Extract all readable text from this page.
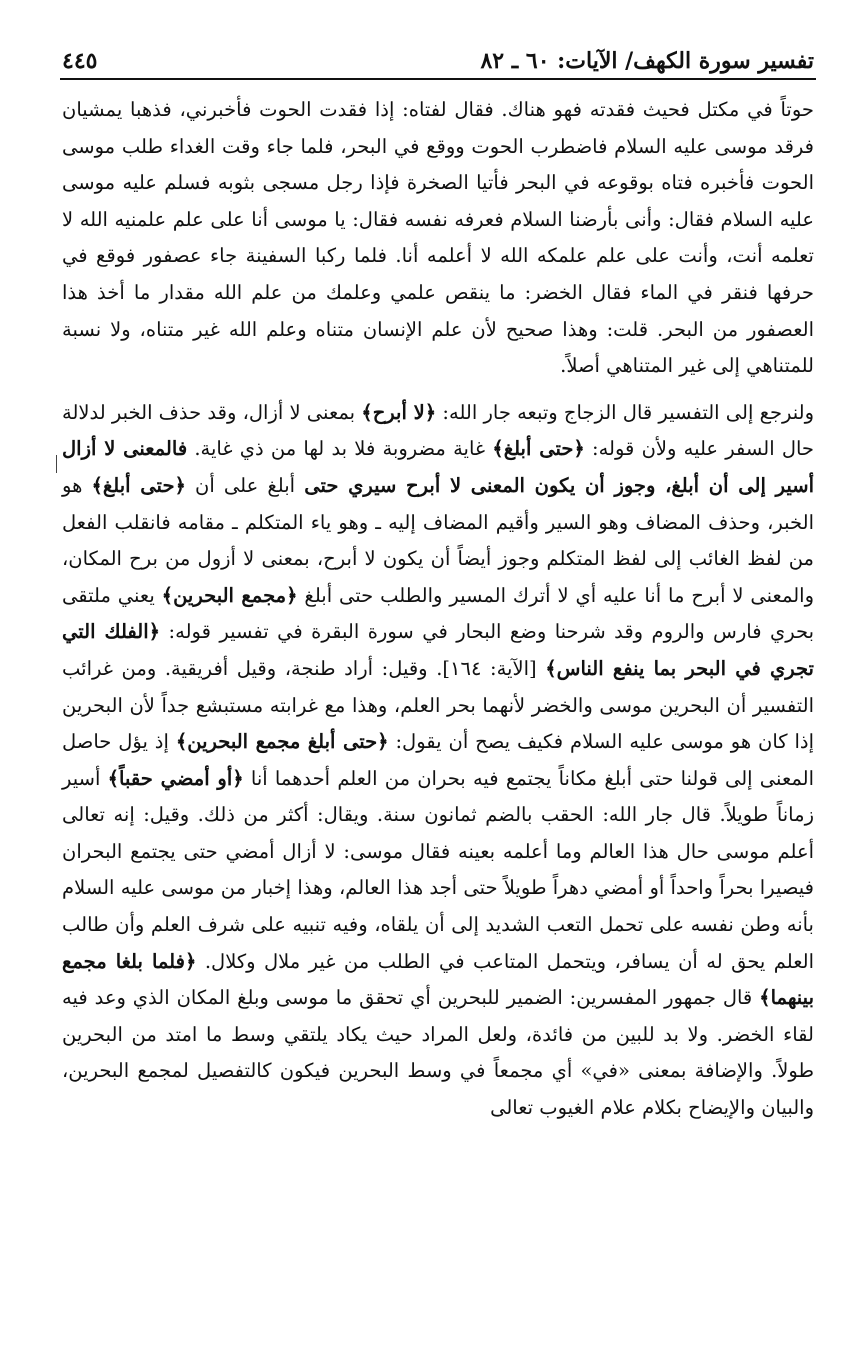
تفسير سورة الكهف/ الآيات: ٦٠ ـ ٨٢
٤٤٥

حوتاً في مكتل فحيث فقدته فهو هناك. فقال لفتاه: إذا فقدت الحوت فأخبرني، فذهبا يمشيان فرقد موسى عليه السلام فاضطرب الحوت ووقع في البحر، فلما جاء وقت الغداء طلب موسى الحوت فأخبره فتاه بوقوعه في البحر فأتيا الصخرة فإذا رجل مسجى بثوبه فسلم عليه موسى عليه السلام فقال: وأنى بأرضنا السلام فعرفه نفسه فقال: يا موسى أنا على علم علمنيه الله لا تعلمه أنت، وأنت على علم علمكه الله لا أعلمه أنا. فلما ركبا السفينة جاء عصفور فوقع في حرفها فنقر في الماء فقال الخضر: ما ينقص علمي وعلمك من علم الله مقدار ما أخذ هذا العصفور من البحر. قلت: وهذا صحيح لأن علم الإنسان متناه وعلم الله غير متناه، ولا نسبة للمتناهي إلى غير المتناهي أصلاً.

ولنرجع إلى التفسير قال الزجاج وتبعه جار الله: ﴿لا أبرح﴾ بمعنى لا أزال، وقد حذف الخبر لدلالة حال السفر عليه ولأن قوله: ﴿حتى أبلغ﴾ غاية مضروبة فلا بد لها من ذي غاية. فالمعنى لا أزال أسير إلى أن أبلغ، وجوز أن يكون المعنى لا أبرح سيري حتى أبلغ على أن ﴿حتى أبلغ﴾ هو الخبر، وحذف المضاف وهو السير وأقيم المضاف إليه ـ وهو ياء المتكلم ـ مقامه فانقلب الفعل من لفظ الغائب إلى لفظ المتكلم وجوز أيضاً أن يكون لا أبرح، بمعنى لا أزول من برح المكان، والمعنى لا أبرح ما أنا عليه أي لا أترك المسير والطلب حتى أبلغ ﴿مجمع البحرين﴾ يعني ملتقى بحري فارس والروم وقد شرحنا وضع البحار في سورة البقرة في تفسير قوله: ﴿الفلك التي تجري في البحر بما ينفع الناس﴾ [الآية: ١٦٤]. وقيل: أراد طنجة، وقيل أفريقية. ومن غرائب التفسير أن البحرين موسى والخضر لأنهما بحر العلم، وهذا مع غرابته مستبشع جداً لأن البحرين إذا كان هو موسى عليه السلام فكيف يصح أن يقول: ﴿حتى أبلغ مجمع البحرين﴾ إذ يؤل حاصل المعنى إلى قولنا حتى أبلغ مكاناً يجتمع فيه بحران من العلم أحدهما أنا ﴿أو أمضي حقباً﴾ أسير زماناً طويلاً. قال جار الله: الحقب بالضم ثمانون سنة. ويقال: أكثر من ذلك. وقيل: إنه تعالى أعلم موسى حال هذا العالم وما أعلمه بعينه فقال موسى: لا أزال أمضي حتى يجتمع البحران فيصيرا بحراً واحداً أو أمضي دهراً طويلاً حتى أجد هذا العالم، وهذا إخبار من موسى عليه السلام بأنه وطن نفسه على تحمل التعب الشديد إلى أن يلقاه، وفيه تنبيه على شرف العلم وأن طالب العلم يحق له أن يسافر، ويتحمل المتاعب في الطلب من غير ملال وكلال. ﴿فلما بلغا مجمع بينهما﴾ قال جمهور المفسرين: الضمير للبحرين أي تحقق ما موسى وبلغ المكان الذي وعد فيه لقاء الخضر. ولا بد للبين من فائدة، ولعل المراد حيث يكاد يلتقي وسط ما امتد من البحرين طولاً. والإضافة بمعنى «في» أي مجمعاً في وسط البحرين فيكون كالتفصيل لمجمع البحرين، والبيان والإيضاح بكلام علام الغيوب تعالى
